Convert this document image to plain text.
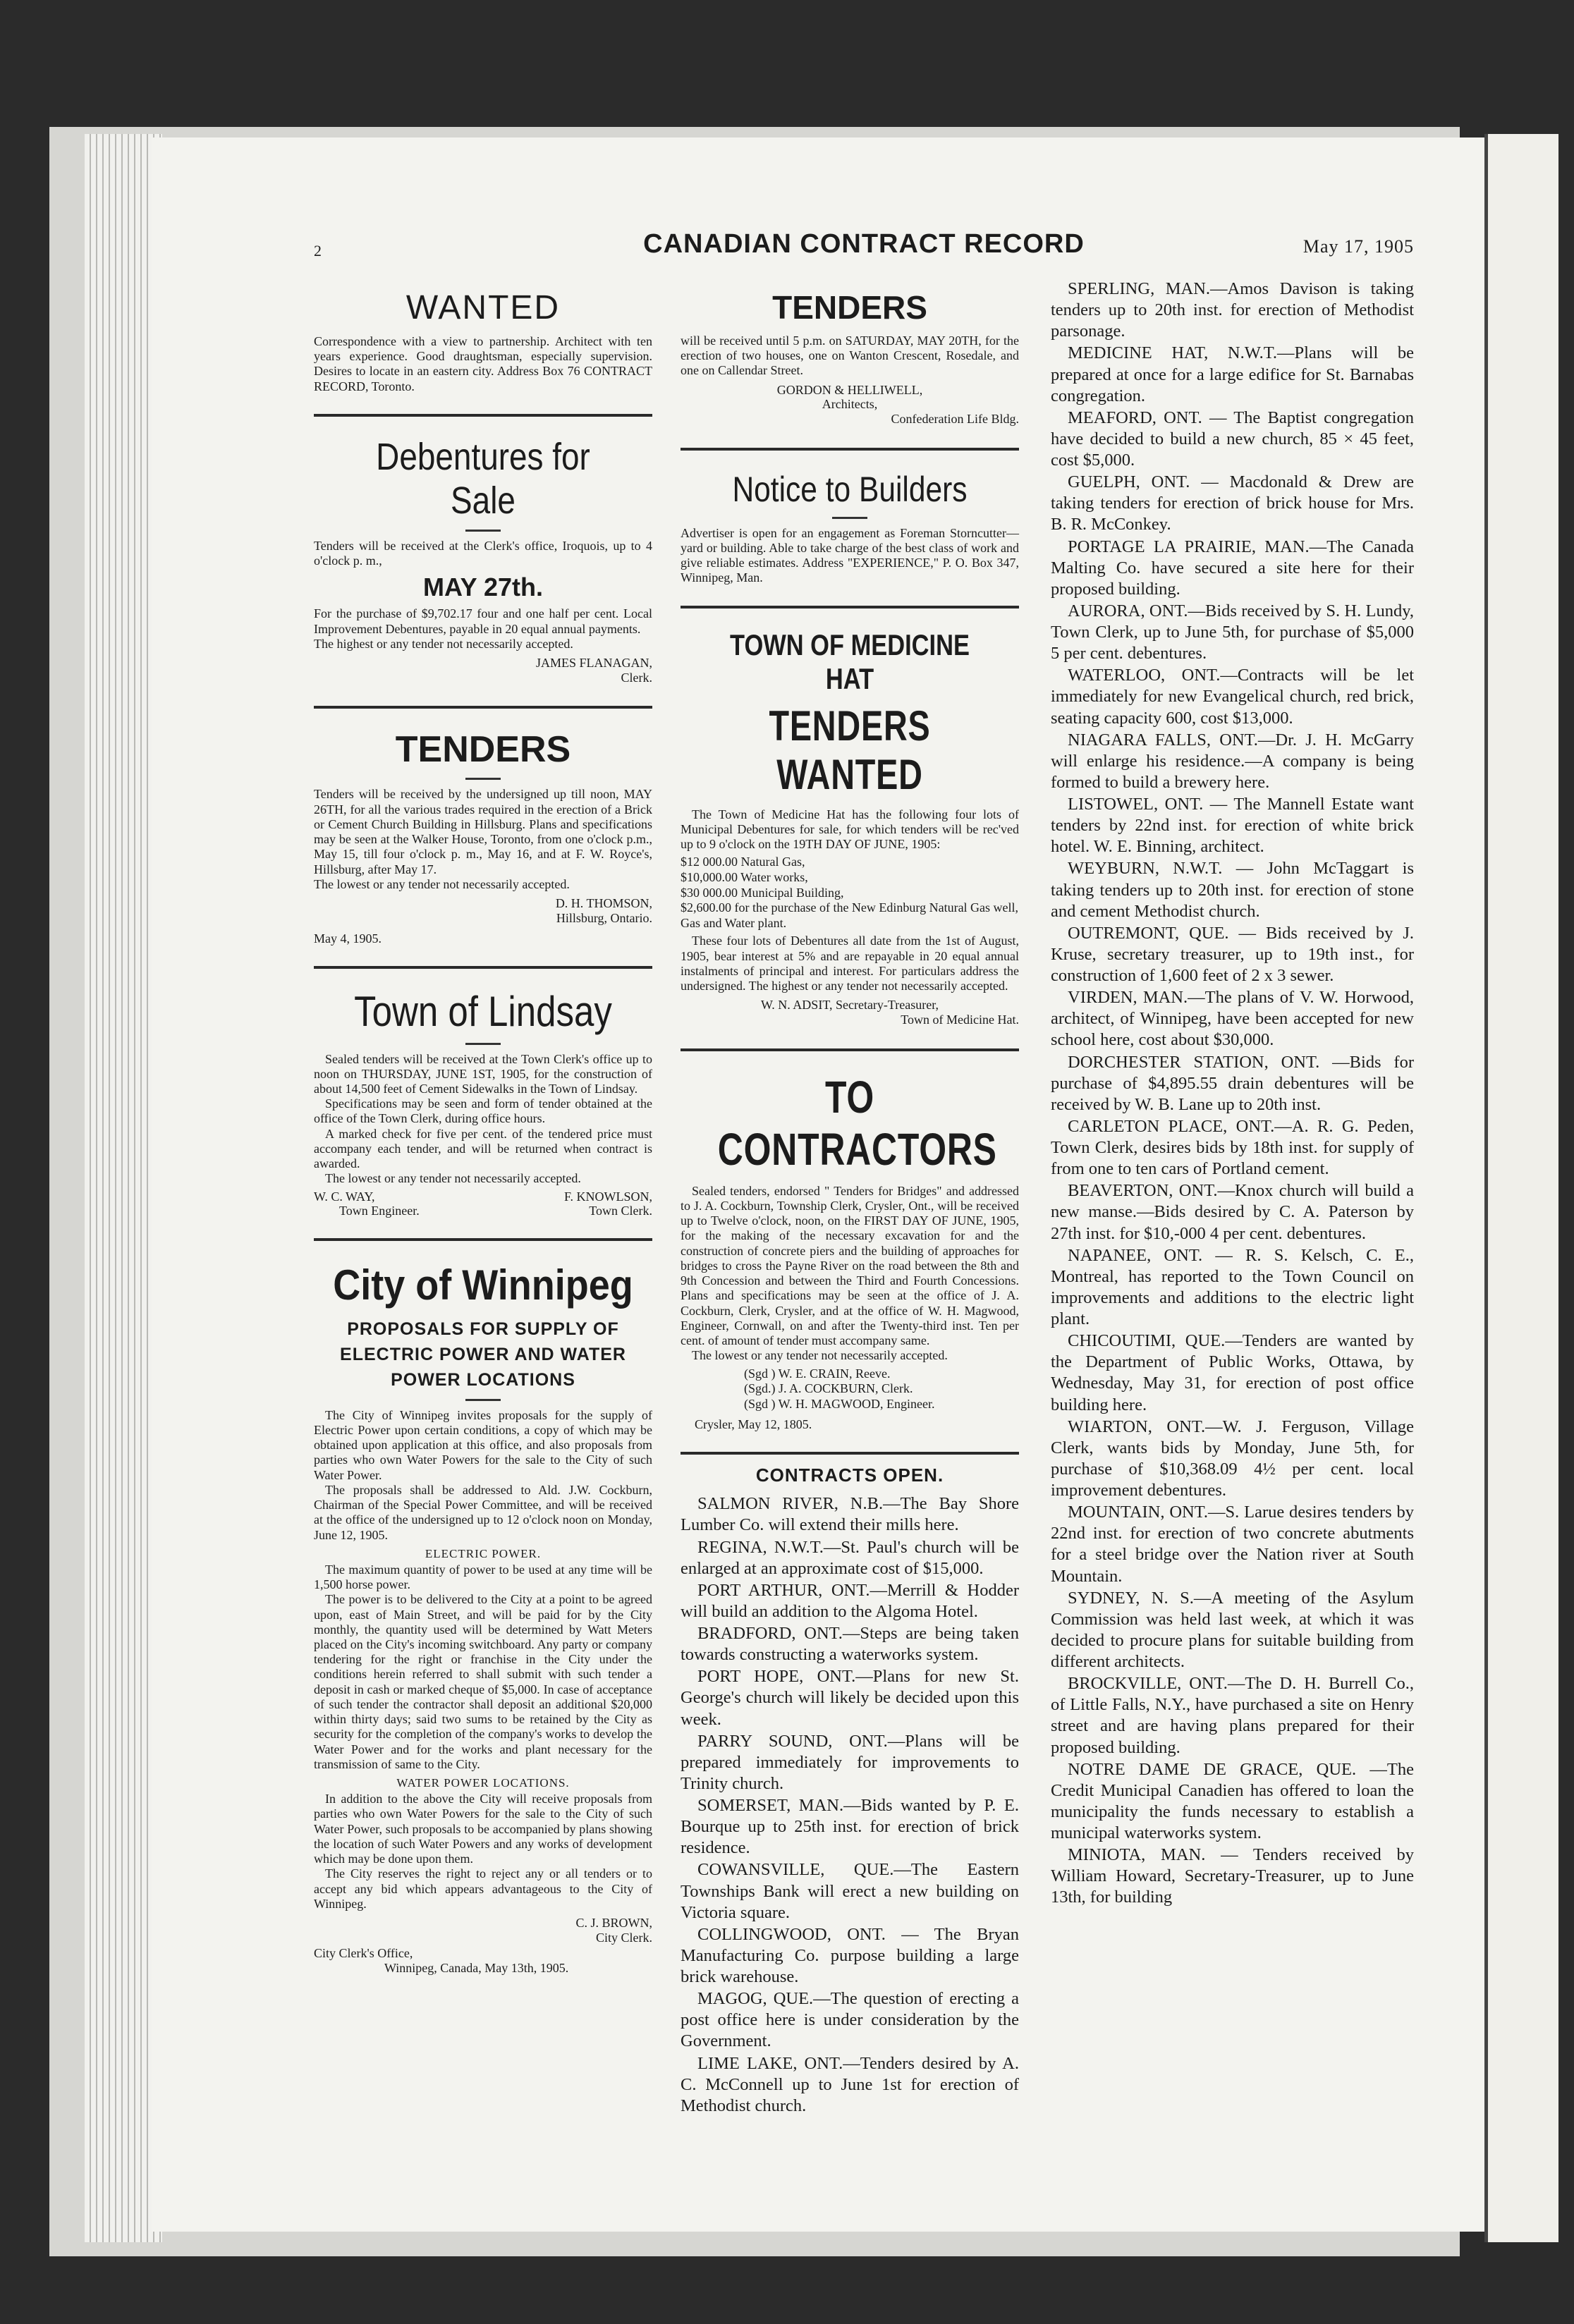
2	CANADIAN CONTRACT RECORD	May 17, 1905
WANTED
Correspondence with a view to partnership. Architect with ten years experience. Good draughtsman, especially supervision. Desires to locate in an eastern city. Address Box 76 CONTRACT RECORD, Toronto.
Debentures for Sale
Tenders will be received at the Clerk's office, Iroquois, up to 4 o'clock p. m.,
MAY 27th.
For the purchase of $9,702.17 four and one half per cent. Local Improvement Debentures, payable in 20 equal annual payments.
The highest or any tender not necessarily accepted.
JAMES FLANAGAN,
Clerk.
TENDERS
Tenders will be received by the undersigned up till noon, MAY 26TH, for all the various trades required in the erection of a Brick or Cement Church Building in Hillsburg. Plans and specifications may be seen at the Walker House, Toronto, from one o'clock p.m., May 15, till four o'clock p. m., May 16, and at F. W. Royce's, Hillsburg, after May 17.
The lowest or any tender not necessarily accepted.
D. H. THOMSON,
Hillsburg, Ontario.
May 4, 1905.
Town of Lindsay

Sealed tenders will be received at the Town Clerk's office up to noon on THURSDAY, JUNE 1ST, 1905, for the construction of about 14,500 feet of Cement Sidewalks in the Town of Lindsay.

Specifications may be seen and form of tender obtained at the office of the Town Clerk, during office hours.

A marked check for five per cent. of the tendered price must accompany each tender, and will be returned when contract is awarded.

The lowest or any tender not necessarily accepted.

W. C. WAY,
Town Engineer.
F. KNOWLSON,
Town Clerk.
City of Winnipeg
PROPOSALS FOR SUPPLY OF ELECTRIC POWER AND WATER POWER LOCATIONS

The City of Winnipeg invites proposals for the supply of Electric Power upon certain conditions, a copy of which may be obtained upon application at this office, and also proposals from parties who own Water Powers for the sale to the City of such Water Power.

The proposals shall be addressed to Ald. J.W. Cockburn, Chairman of the Special Power Committee, and will be received at the office of the undersigned up to 12 o'clock noon on Monday, June 12, 1905.

ELECTRIC POWER.

The maximum quantity of power to be used at any time will be 1,500 horse power.

The power is to be delivered to the City at a point to be agreed upon, east of Main Street, and will be paid for by the City monthly, the quantity used will be determined by Watt Meters placed on the City's incoming switchboard. Any party or company tendering for the right or franchise in the City under the conditions herein referred to shall submit with such tender a deposit in cash or marked cheque of $5,000. In case of acceptance of such tender the contractor shall deposit an additional $20,000 within thirty days; said two sums to be retained by the City as security for the completion of the company's works to develop the Water Power and for the works and plant necessary for the transmission of same to the City.

WATER POWER LOCATIONS.

In addition to the above the City will receive proposals from parties who own Water Powers for the sale to the City of such Water Power, such proposals to be accompanied by plans showing the location of such Water Powers and any works of development which may be done upon them.

The City reserves the right to reject any or all tenders or to accept any bid which appears advantageous to the City of Winnipeg.

C. J. BROWN,
City Clerk.
City Clerk's Office,
Winnipeg, Canada, May 13th, 1905.
TENDERS
will be received until 5 p.m. on SATURDAY, MAY 20TH, for the erection of two houses, one on Wanton Crescent, Rosedale, and one on Callendar Street.
GORDON & HELLIWELL,
Architects,
Confederation Life Bldg.
Notice to Builders
Advertiser is open for an engagement as Foreman Storncutter—yard or building. Able to take charge of the best class of work and give reliable estimates. Address "EXPERIENCE," P. O. Box 347, Winnipeg, Man.
TOWN OF MEDICINE HAT
TENDERS WANTED

The Town of Medicine Hat has the following four lots of Municipal Debentures for sale, for which tenders will be rec'ved up to 9 o'clock on the 19TH DAY OF JUNE, 1905:

$12 000.00 Natural Gas,
$10,000.00 Water works,
$30 000.00 Municipal Building,
$2,600.00 for the purchase of the New Edinburg Natural Gas well, Gas and Water plant.

These four lots of Debentures all date from the 1st of August, 1905, bear interest at 5% and are repayable in 20 equal annual instalments of principal and interest. For particulars address the undersigned. The highest or any tender not necessarily accepted.

W. N. ADSIT, Secretary-Treasurer,
Town of Medicine Hat.
TO CONTRACTORS

Sealed tenders, endorsed " Tenders for Bridges" and addressed to J. A. Cockburn, Township Clerk, Crysler, Ont., will be received up to Twelve o'clock, noon, on the FIRST DAY OF JUNE, 1905, for the making of the necessary excavation for and the construction of concrete piers and the building of approaches for bridges to cross the Payne River on the road between the 8th and 9th Concession and between the Third and Fourth Concessions. Plans and specifications may be seen at the office of J. A. Cockburn, Clerk, Crysler, and at the office of W. H. Magwood, Engineer, Cornwall, on and after the Twenty-third inst. Ten per cent. of amount of tender must accompany same.

The lowest or any tender not necessarily accepted.

(Sgd ) W. E. CRAIN, Reeve.
(Sgd.) J. A. COCKBURN, Clerk.
(Sgd ) W. H. MAGWOOD, Engineer.
Crysler, May 12, 1805.
CONTRACTS OPEN.
SALMON RIVER, N.B.—The Bay Shore Lumber Co. will extend their mills here.
REGINA, N.W.T.—St. Paul's church will be enlarged at an approximate cost of $15,000.
PORT ARTHUR, ONT.—Merrill & Hodder will build an addition to the Algoma Hotel.
BRADFORD, ONT.—Steps are being taken towards constructing a waterworks system.
PORT HOPE, ONT.—Plans for new St. George's church will likely be decided upon this week.
PARRY SOUND, ONT.—Plans will be prepared immediately for improvements to Trinity church.
SOMERSET, MAN.—Bids wanted by P. E. Bourque up to 25th inst. for erection of brick residence.
COWANSVILLE, QUE.—The Eastern Townships Bank will erect a new building on Victoria square.
COLLINGWOOD, ONT. — The Bryan Manufacturing Co. purpose building a large brick warehouse.
MAGOG, QUE.—The question of erecting a post office here is under consideration by the Government.
LIME LAKE, ONT.—Tenders desired by A. C. McConnell up to June 1st for erection of Methodist church.
SPERLING, MAN.—Amos Davison is taking tenders up to 20th inst. for erection of Methodist parsonage.
MEDICINE HAT, N.W.T.—Plans will be prepared at once for a large edifice for St. Barnabas congregation.
MEAFORD, ONT. — The Baptist congregation have decided to build a new church, 85 × 45 feet, cost $5,000.
GUELPH, ONT. — Macdonald & Drew are taking tenders for erection of brick house for Mrs. B. R. McConkey.
PORTAGE LA PRAIRIE, MAN.—The Canada Malting Co. have secured a site here for their proposed building.
AURORA, ONT.—Bids received by S. H. Lundy, Town Clerk, up to June 5th, for purchase of $5,000 5 per cent. debentures.
WATERLOO, ONT.—Contracts will be let immediately for new Evangelical church, red brick, seating capacity 600, cost $13,000.
NIAGARA FALLS, ONT.—Dr. J. H. McGarry will enlarge his residence.—A company is being formed to build a brewery here.
LISTOWEL, ONT. — The Mannell Estate want tenders by 22nd inst. for erection of white brick hotel. W. E. Binning, architect.
WEYBURN, N.W.T. — John McTaggart is taking tenders up to 20th inst. for erection of stone and cement Methodist church.
OUTREMONT, QUE. — Bids received by J. Kruse, secretary treasurer, up to 19th inst., for construction of 1,600 feet of 2 x 3 sewer.
VIRDEN, MAN.—The plans of V. W. Horwood, architect, of Winnipeg, have been accepted for new school here, cost about $30,000.
DORCHESTER STATION, ONT. —Bids for purchase of $4,895.55 drain debentures will be received by W. B. Lane up to 20th inst.
CARLETON PLACE, ONT.—A. R. G. Peden, Town Clerk, desires bids by 18th inst. for supply of from one to ten cars of Portland cement.
BEAVERTON, ONT.—Knox church will build a new manse.—Bids desired by C. A. Paterson by 27th inst. for $10,-000 4 per cent. debentures.
NAPANEE, ONT. — R. S. Kelsch, C. E., Montreal, has reported to the Town Council on improvements and additions to the electric light plant.
CHICOUTIMI, QUE.—Tenders are wanted by the Department of Public Works, Ottawa, by Wednesday, May 31, for erection of post office building here.
WIARTON, ONT.—W. J. Ferguson, Village Clerk, wants bids by Monday, June 5th, for purchase of $10,368.09 4½ per cent. local improvement debentures.
MOUNTAIN, ONT.—S. Larue desires tenders by 22nd inst. for erection of two concrete abutments for a steel bridge over the Nation river at South Mountain.
SYDNEY, N. S.—A meeting of the Asylum Commission was held last week, at which it was decided to procure plans for suitable building from different architects.
BROCKVILLE, ONT.—The D. H. Burrell Co., of Little Falls, N.Y., have purchased a site on Henry street and are having plans prepared for their proposed building.
NOTRE DAME DE GRACE, QUE. —The Credit Municipal Canadien has offered to loan the municipality the funds necessary to establish a municipal waterworks system.
MINIOTA, MAN. — Tenders received by William Howard, Secretary-Treasurer, up to June 13th, for building
